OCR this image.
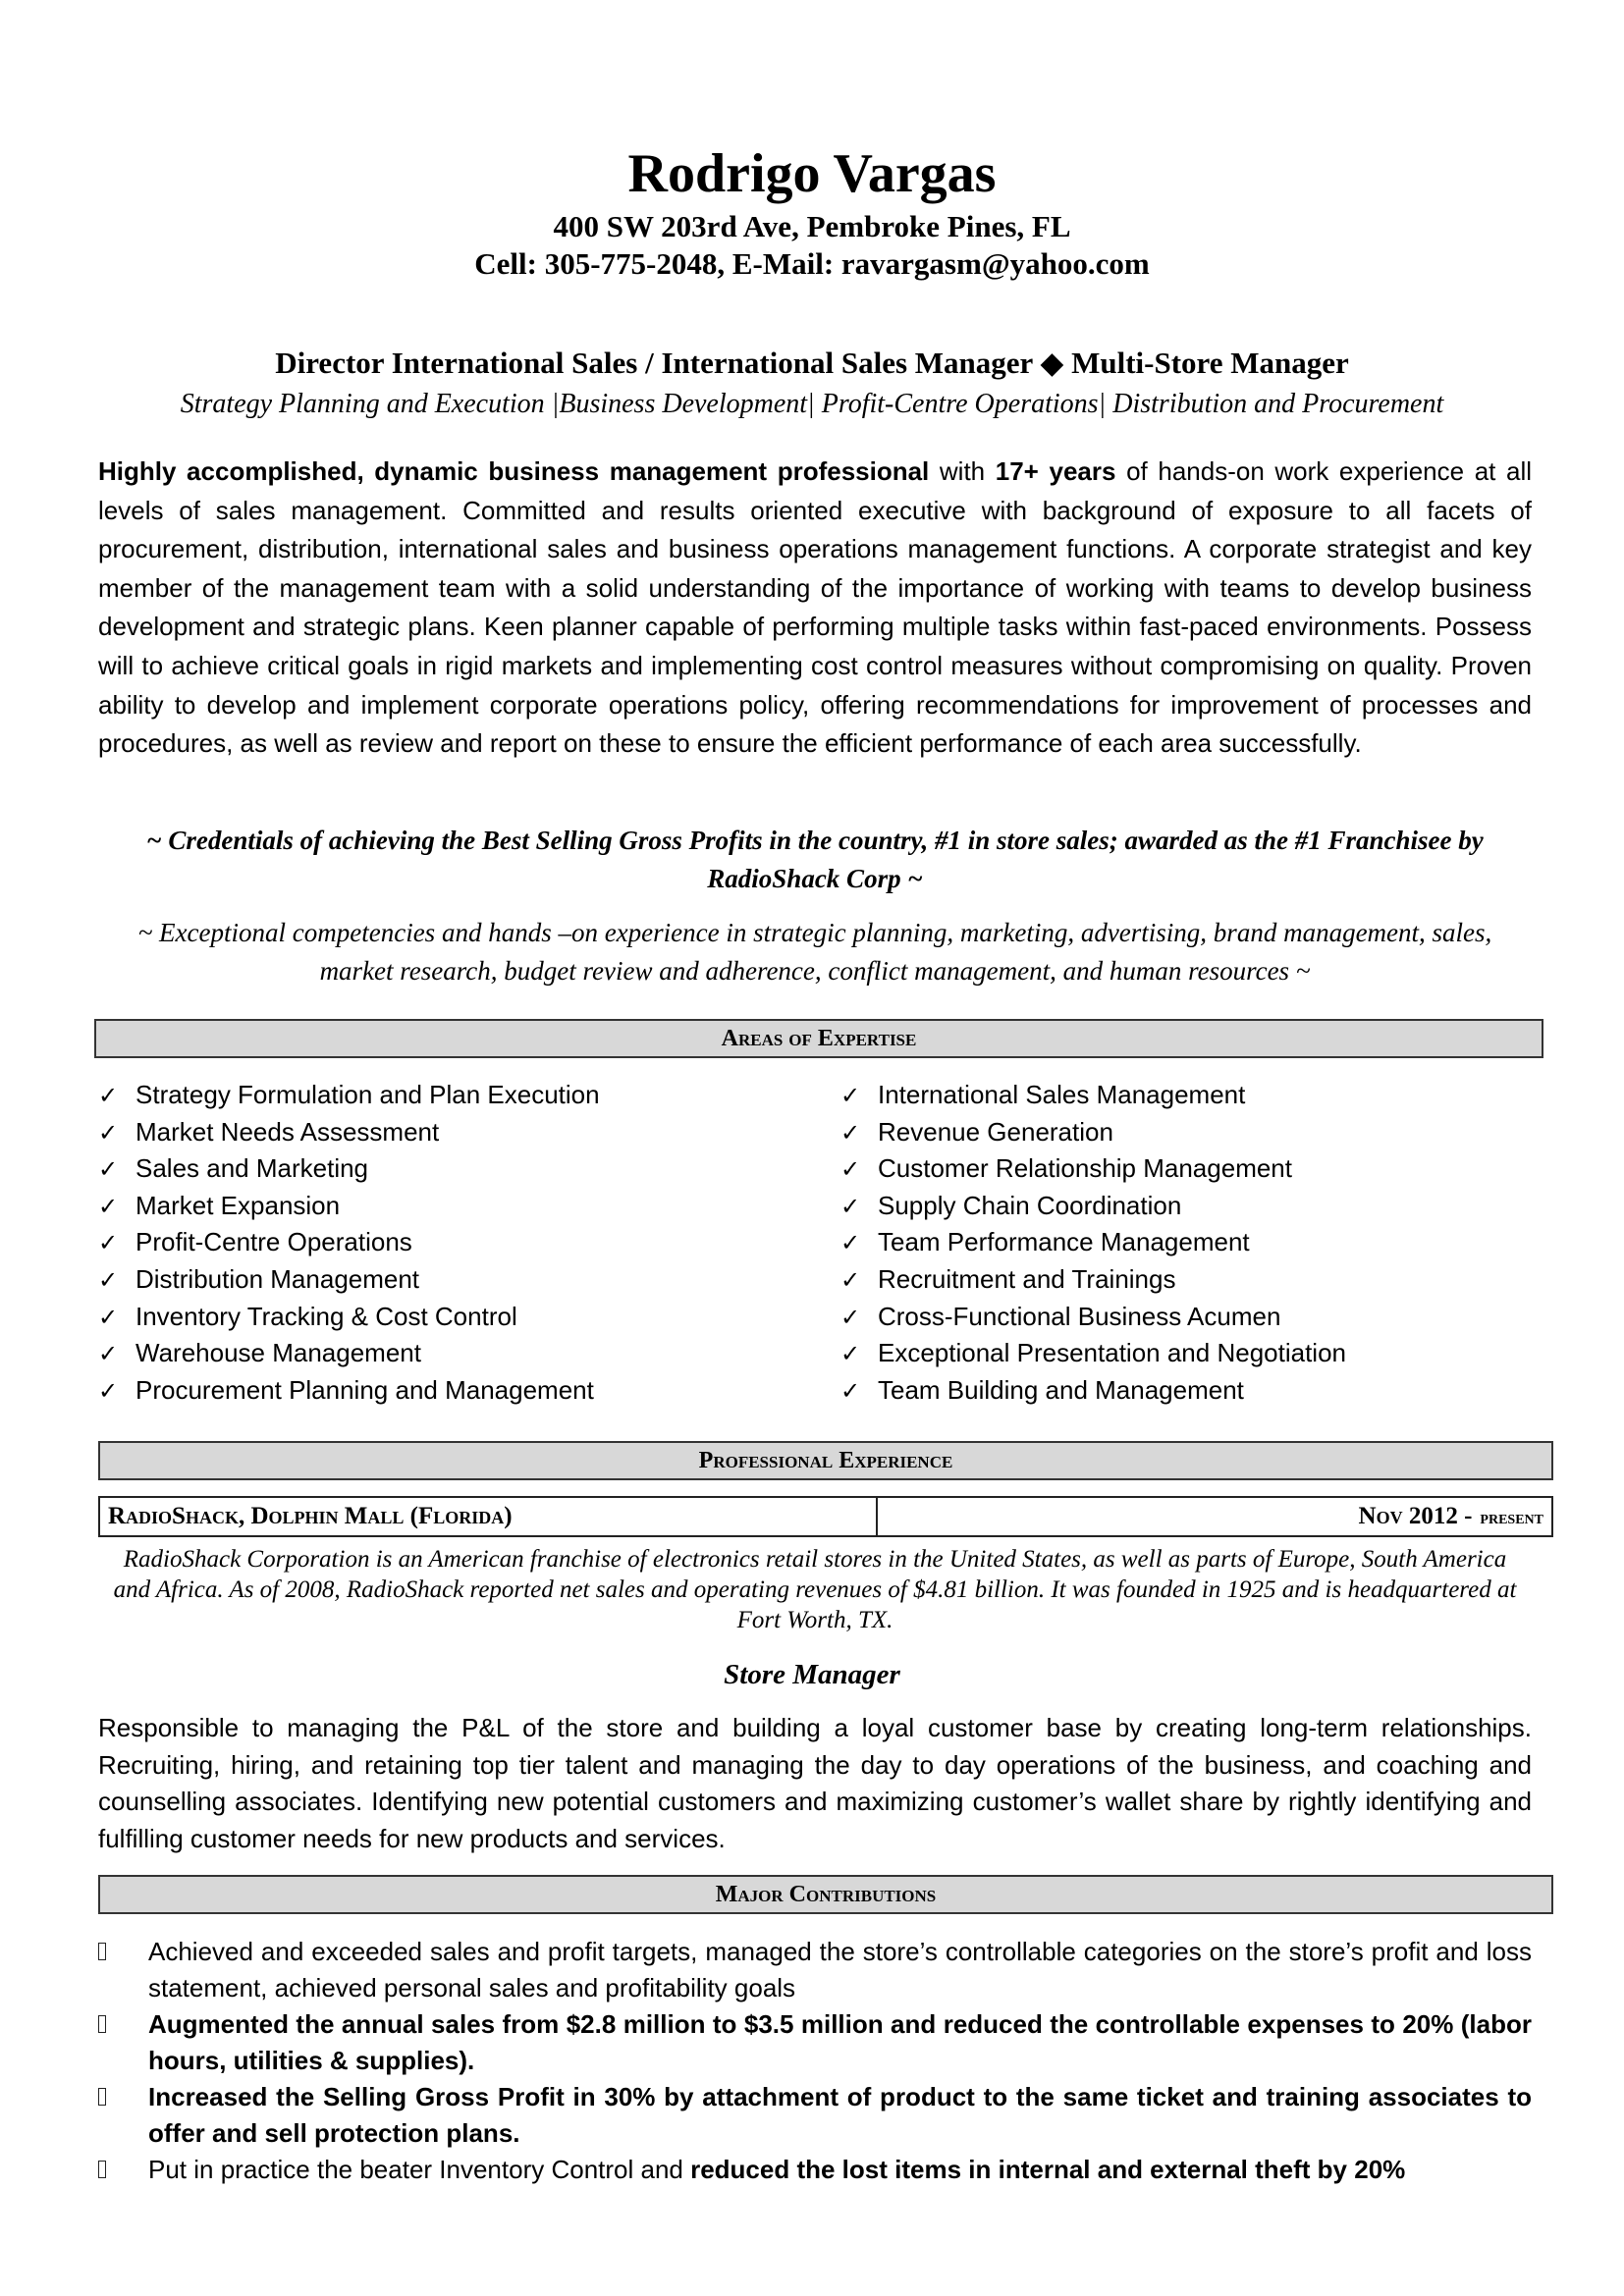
Rodrigo Vargas
400 SW 203rd Ave, Pembroke Pines, FL
Cell: 305-775-2048, E-Mail: ravargasm@yahoo.com
Director International Sales / International Sales Manager ◆ Multi-Store Manager
Strategy Planning and Execution |Business Development| Profit-Centre Operations| Distribution and Procurement
Highly accomplished, dynamic business management professional with 17+ years of hands-on work experience at all levels of sales management. Committed and results oriented executive with background of exposure to all facets of procurement, distribution, international sales and business operations management functions. A corporate strategist and key member of the management team with a solid understanding of the importance of working with teams to develop business development and strategic plans. Keen planner capable of performing multiple tasks within fast-paced environments. Possess will to achieve critical goals in rigid markets and implementing cost control measures without compromising on quality. Proven ability to develop and implement corporate operations policy, offering recommendations for improvement of processes and procedures, as well as review and report on these to ensure the efficient performance of each area successfully.
~ Credentials of achieving the Best Selling Gross Profits in the country, #1 in store sales; awarded as the #1 Franchisee by RadioShack Corp ~
~ Exceptional competencies and hands –on experience in strategic planning, marketing, advertising, brand management, sales, market research, budget review and adherence, conflict management, and human resources ~
Areas of Expertise
✓ Strategy Formulation and Plan Execution
✓ Market Needs Assessment
✓ Sales and Marketing
✓ Market Expansion
✓ Profit-Centre Operations
✓ Distribution Management
✓ Inventory Tracking & Cost Control
✓ Warehouse Management
✓ Procurement Planning and Management
✓ International Sales Management
✓ Revenue Generation
✓ Customer Relationship Management
✓ Supply Chain Coordination
✓ Team Performance Management
✓ Recruitment and Trainings
✓ Cross-Functional Business Acumen
✓ Exceptional Presentation and Negotiation
✓ Team Building and Management
Professional Experience
RadioShack, Dolphin Mall (Florida)	Nov 2012 - present
RadioShack Corporation is an American franchise of electronics retail stores in the United States, as well as parts of Europe, South America and Africa. As of 2008, RadioShack reported net sales and operating revenues of $4.81 billion. It was founded in 1925 and is headquartered at Fort Worth, TX.
Store Manager
Responsible to managing the P&L of the store and building a loyal customer base by creating long-term relationships. Recruiting, hiring, and retaining top tier talent and managing the day to day operations of the business, and coaching and counselling associates. Identifying new potential customers and maximizing customer’s wallet share by rightly identifying and fulfilling customer needs for new products and services.
Major Contributions
Achieved and exceeded sales and profit targets, managed the store’s controllable categories on the store’s profit and loss statement, achieved personal sales and profitability goals
Augmented the annual sales from $2.8 million to $3.5 million and reduced the controllable expenses to 20% (labor hours, utilities & supplies).
Increased the Selling Gross Profit in 30% by attachment of product to the same ticket and training associates to offer and sell protection plans.
Put in practice the beater Inventory Control and reduced the lost items in internal and external theft by 20%
